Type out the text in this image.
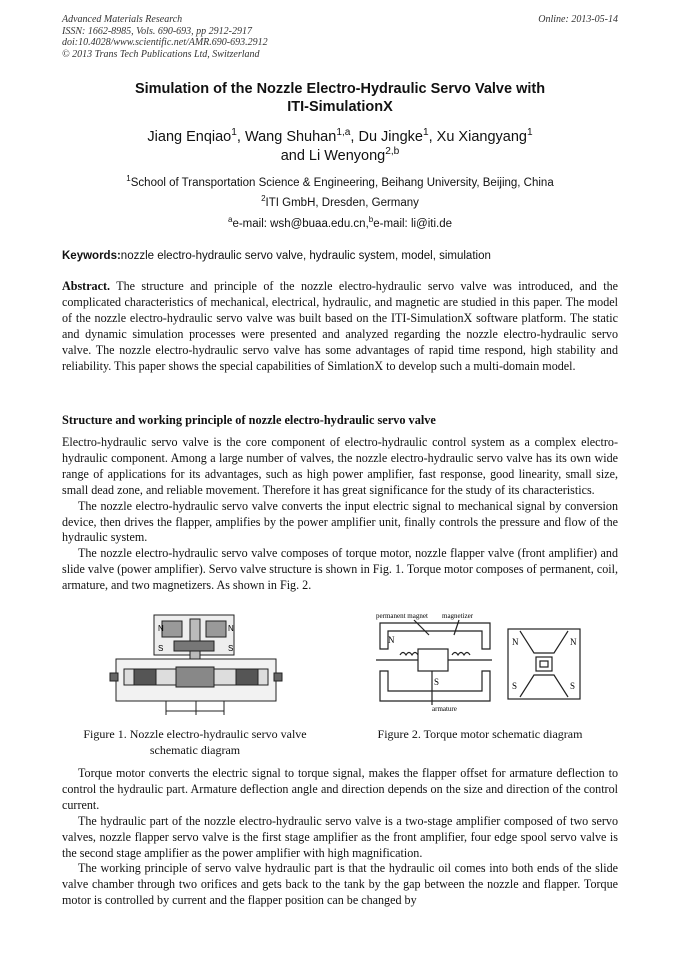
Advanced Materials Research
ISSN: 1662-8985, Vols. 690-693, pp 2912-2917
doi:10.4028/www.scientific.net/AMR.690-693.2912
© 2013 Trans Tech Publications Ltd, Switzerland
Online: 2013-05-14
Simulation of the Nozzle Electro-Hydraulic Servo Valve with
ITI-SimulationX
Jiang Enqiao$^1$, Wang Shuhan$^{1,a}$, Du Jingke$^1$, Xu Xiangyang$^1$
and Li Wenyong$^{2,b}$
$^1$School of Transportation Science & Engineering, Beihang University, Beijing, China
$^2$ITI GmbH, Dresden, Germany
$^a$e-mail: wsh@buaa.edu.cn,$^b$e-mail: li@iti.de
Keywords:nozzle electro-hydraulic servo valve, hydraulic system, model, simulation
Abstract. The structure and principle of the nozzle electro-hydraulic servo valve was introduced, and the complicated characteristics of mechanical, electrical, hydraulic, and magnetic are studied in this paper. The model of the nozzle electro-hydraulic servo valve was built based on the ITI-SimulationX software platform. The static and dynamic simulation processes were presented and analyzed regarding the nozzle electro-hydraulic servo valve. The nozzle electro-hydraulic servo valve has some advantages of rapid time respond, high stability and reliability. This paper shows the special capabilities of SimlationX to develop such a multi-domain model.
Structure and working principle of nozzle electro-hydraulic servo valve
Electro-hydraulic servo valve is the core component of electro-hydraulic control system as a complex electro-hydraulic component. Among a large number of valves, the nozzle electro-hydraulic servo valve has its own wide range of applications for its advantages, such as high power amplifier, fast response, good linearity, small size, small dead zone, and reliable movement. Therefore it has great significance for the study of its characteristics.
The nozzle electro-hydraulic servo valve converts the input electric signal to mechanical signal by conversion device, then drives the flapper, amplifies by the power amplifier unit, finally controls the pressure and flow of the hydraulic system.
The nozzle electro-hydraulic servo valve composes of torque motor, nozzle flapper valve (front amplifier) and slide valve (power amplifier). Servo valve structure is shown in Fig. 1. Torque motor composes of permanent, coil, armature, and two magnetizers. As shown in Fig. 2.
N	N
S	S
Figure 1. Nozzle electro-hydraulic servo valve
schematic diagram
permanent magnet magnetizer
N
S
armature
N	N
S	S
Figure 2. Torque motor schematic diagram
Torque motor converts the electric signal to torque signal, makes the flapper offset for armature deflection to control the hydraulic part. Armature deflection angle and direction depends on the size and direction of the control current.
The hydraulic part of the nozzle electro-hydraulic servo valve is a two-stage amplifier composed of two servo valves, nozzle flapper servo valve is the first stage amplifier as the front amplifier, four edge spool servo valve is the second stage amplifier as the power amplifier with high magnification.
The working principle of servo valve hydraulic part is that the hydraulic oil comes into both ends of the slide valve chamber through two orifices and gets back to the tank by the gap between the nozzle and flapper. Torque motor is controlled by current and the flapper position can be changed by
